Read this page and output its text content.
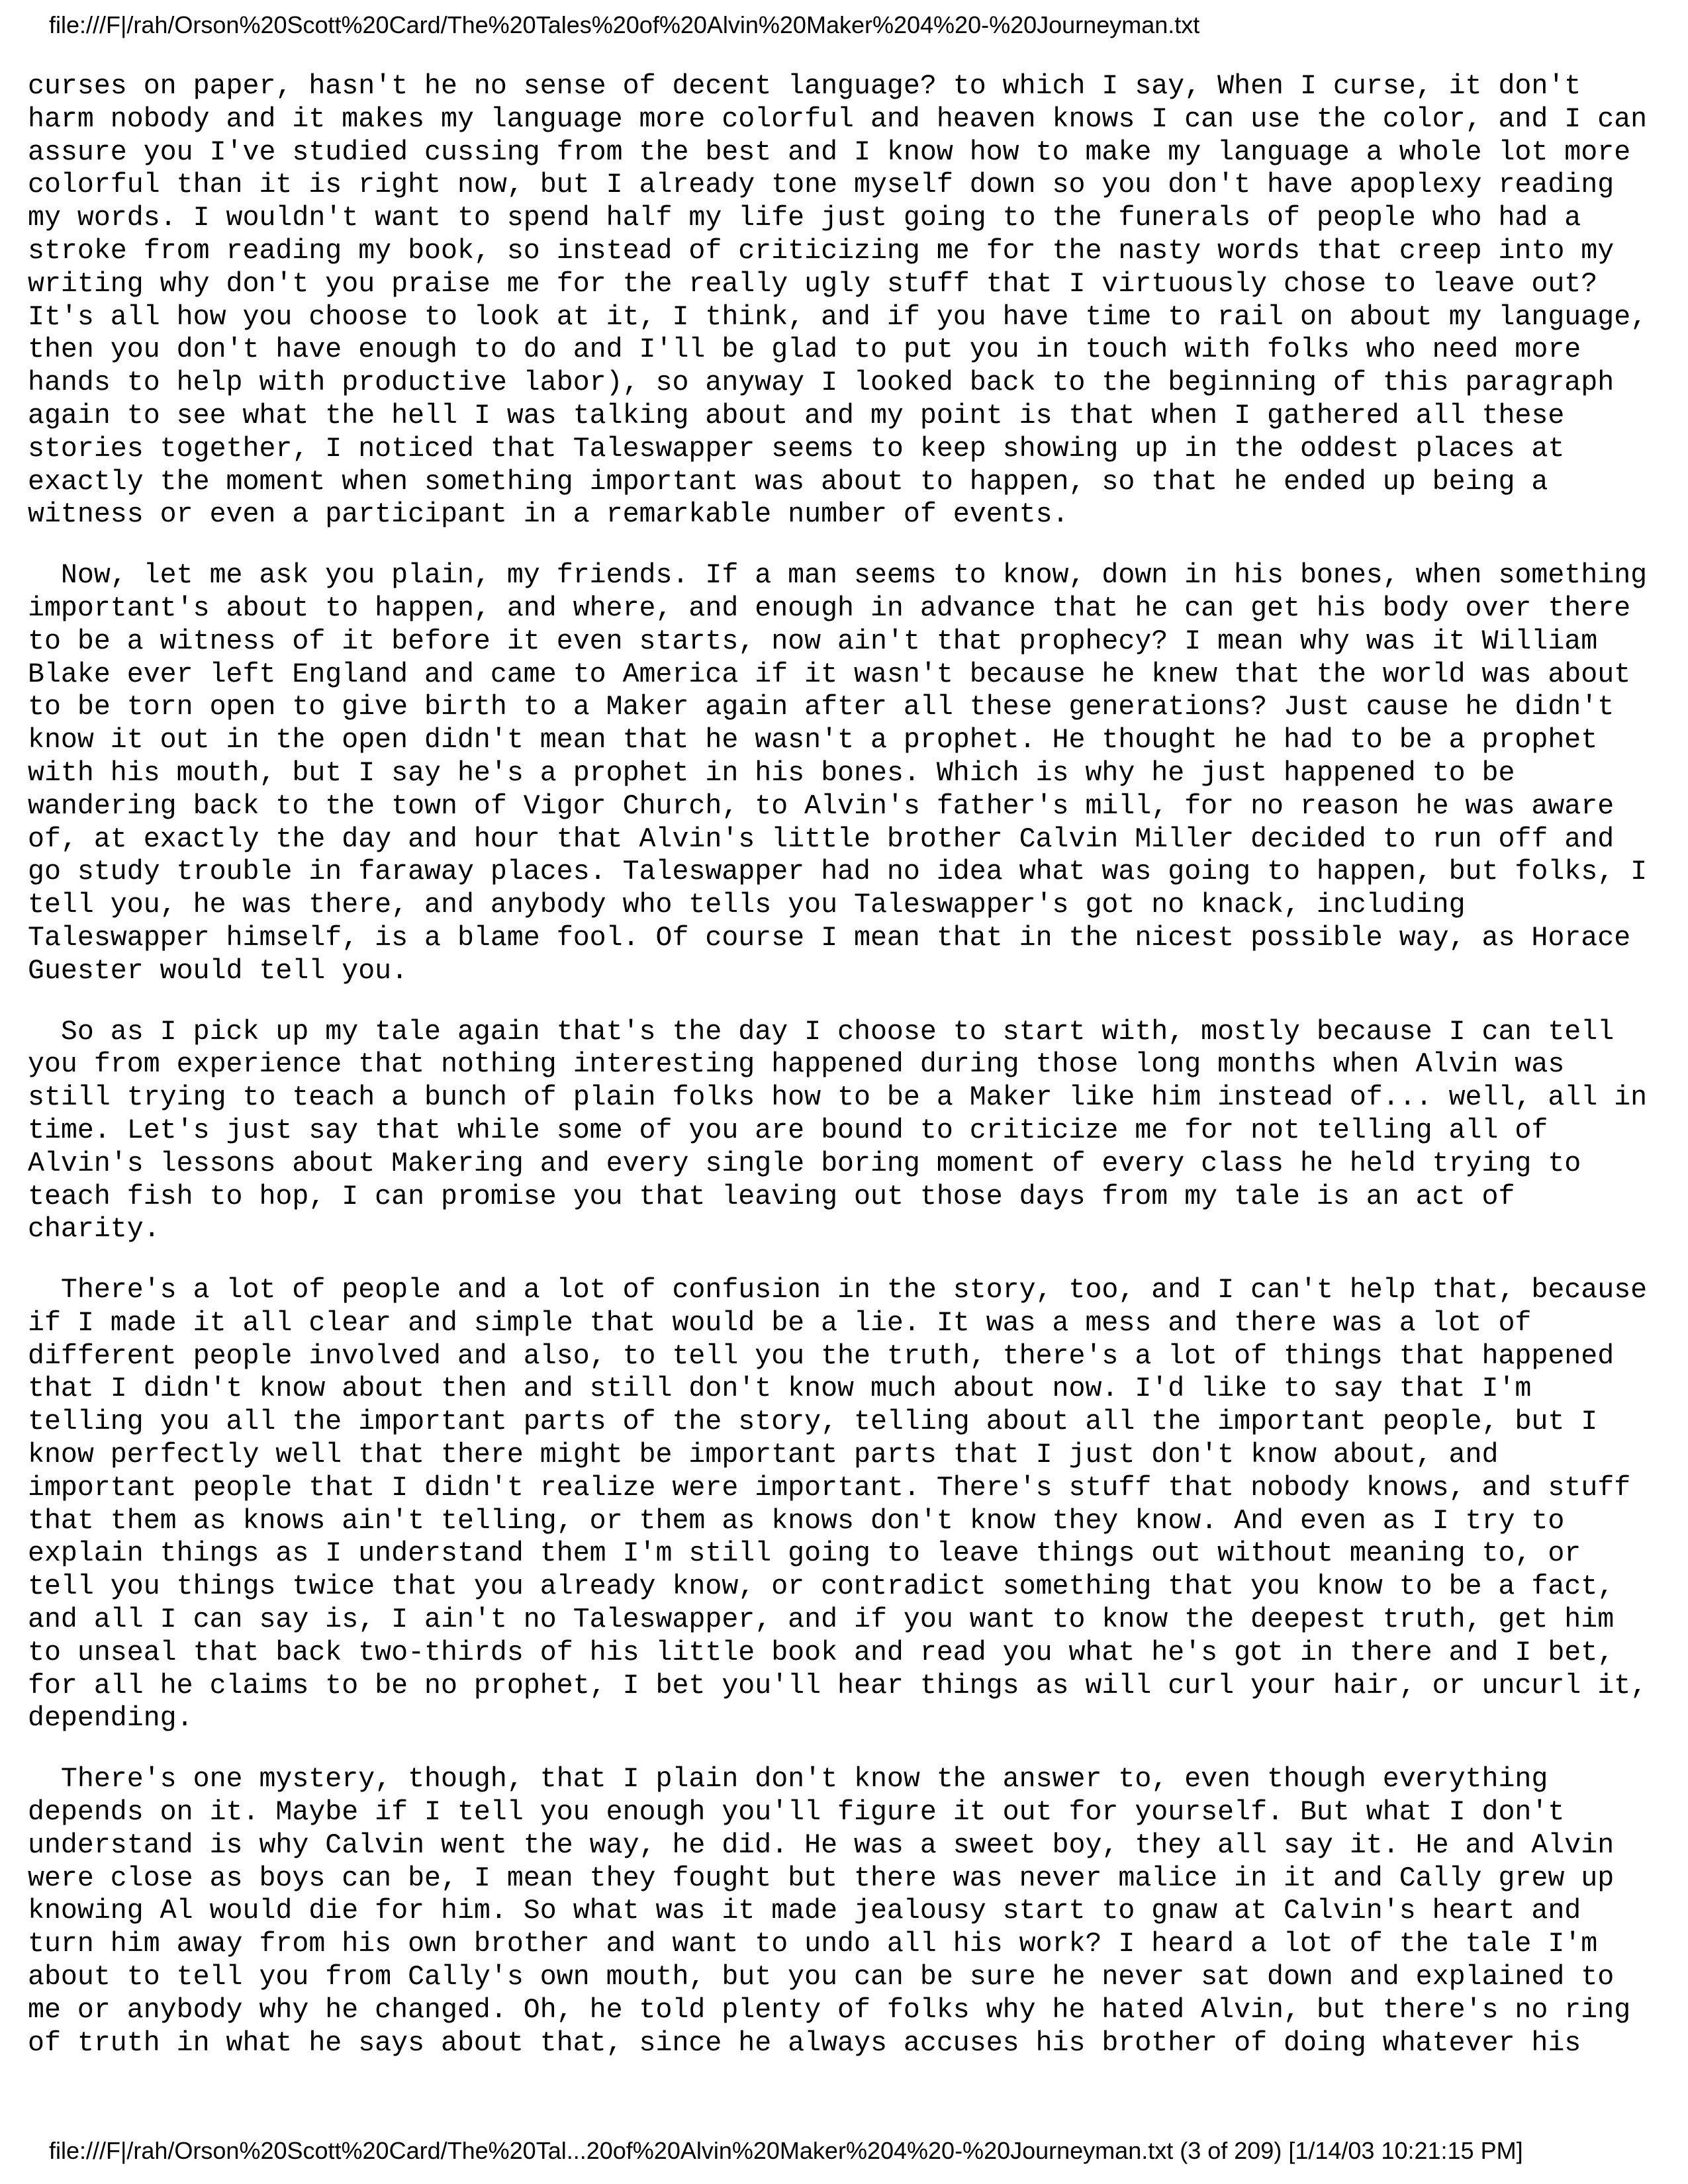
file:///F|/rah/Orson%20Scott%20Card/The%20Tales%20of%20Alvin%20Maker%204%20-%20Journeyman.txt
curses on paper, hasn't he no sense of decent language? to which I say, When I curse, it don't
harm nobody and it makes my language more colorful and heaven knows I can use the color, and I can
assure you I've studied cussing from the best and I know how to make my language a whole lot more
colorful than it is right now, but I already tone myself down so you don't have apoplexy reading
my words. I wouldn't want to spend half my life just going to the funerals of people who had a
stroke from reading my book, so instead of criticizing me for the nasty words that creep into my
writing why don't you praise me for the really ugly stuff that I virtuously chose to leave out?
It's all how you choose to look at it, I think, and if you have time to rail on about my language,
then you don't have enough to do and I'll be glad to put you in touch with folks who need more
hands to help with productive labor), so anyway I looked back to the beginning of this paragraph
again to see what the hell I was talking about and my point is that when I gathered all these
stories together, I noticed that Taleswapper seems to keep showing up in the oddest places at
exactly the moment when something important was about to happen, so that he ended up being a
witness or even a participant in a remarkable number of events.
Now, let me ask you plain, my friends. If a man seems to know, down in his bones, when something
important's about to happen, and where, and enough in advance that he can get his body over there
to be a witness of it before it even starts, now ain't that prophecy? I mean why was it William
Blake ever left England and came to America if it wasn't because he knew that the world was about
to be torn open to give birth to a Maker again after all these generations? Just cause he didn't
know it out in the open didn't mean that he wasn't a prophet. He thought he had to be a prophet
with his mouth, but I say he's a prophet in his bones. Which is why he just happened to be
wandering back to the town of Vigor Church, to Alvin's father's mill, for no reason he was aware
of, at exactly the day and hour that Alvin's little brother Calvin Miller decided to run off and
go study trouble in faraway places. Taleswapper had no idea what was going to happen, but folks, I
tell you, he was there, and anybody who tells you Taleswapper's got no knack, including
Taleswapper himself, is a blame fool. Of course I mean that in the nicest possible way, as Horace
Guester would tell you.
So as I pick up my tale again that's the day I choose to start with, mostly because I can tell
you from experience that nothing interesting happened during those long months when Alvin was
still trying to teach a bunch of plain folks how to be a Maker like him instead of... well, all in
time. Let's just say that while some of you are bound to criticize me for not telling all of
Alvin's lessons about Makering and every single boring moment of every class he held trying to
teach fish to hop, I can promise you that leaving out those days from my tale is an act of
charity.
There's a lot of people and a lot of confusion in the story, too, and I can't help that, because
if I made it all clear and simple that would be a lie. It was a mess and there was a lot of
different people involved and also, to tell you the truth, there's a lot of things that happened
that I didn't know about then and still don't know much about now. I'd like to say that I'm
telling you all the important parts of the story, telling about all the important people, but I
know perfectly well that there might be important parts that I just don't know about, and
important people that I didn't realize were important. There's stuff that nobody knows, and stuff
that them as knows ain't telling, or them as knows don't know they know. And even as I try to
explain things as I understand them I'm still going to leave things out without meaning to, or
tell you things twice that you already know, or contradict something that you know to be a fact,
and all I can say is, I ain't no Taleswapper, and if you want to know the deepest truth, get him
to unseal that back two-thirds of his little book and read you what he's got in there and I bet,
for all he claims to be no prophet, I bet you'll hear things as will curl your hair, or uncurl it,
depending.
There's one mystery, though, that I plain don't know the answer to, even though everything
depends on it. Maybe if I tell you enough you'll figure it out for yourself. But what I don't
understand is why Calvin went the way, he did. He was a sweet boy, they all say it. He and Alvin
were close as boys can be, I mean they fought but there was never malice in it and Cally grew up
knowing Al would die for him. So what was it made jealousy start to gnaw at Calvin's heart and
turn him away from his own brother and want to undo all his work? I heard a lot of the tale I'm
about to tell you from Cally's own mouth, but you can be sure he never sat down and explained to
me or anybody why he changed. Oh, he told plenty of folks why he hated Alvin, but there's no ring
of truth in what he says about that, since he always accuses his brother of doing whatever his
file:///F|/rah/Orson%20Scott%20Card/The%20Tal...20of%20Alvin%20Maker%204%20-%20Journeyman.txt (3 of 209) [1/14/03 10:21:15 PM]
